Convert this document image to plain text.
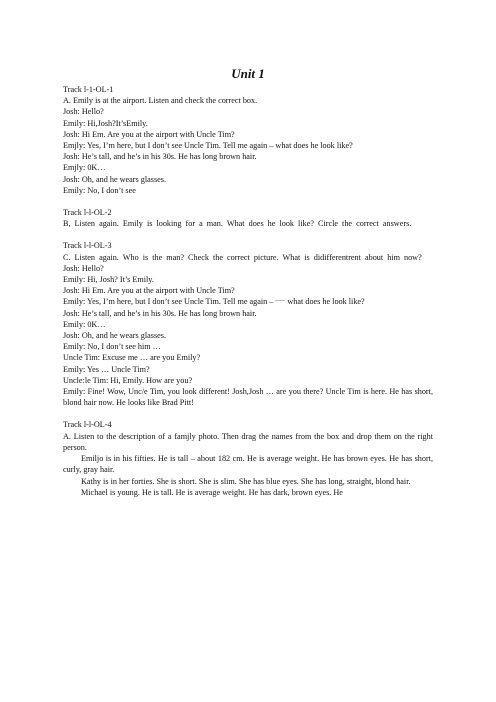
Unit 1

Track l-1-OL-1

A. Emily is at the airport. Listen and check the correct box.

Josh: Hello?

Emily: Hi,Josh?It’sEmily.

Josh: Hi Em. Are you at the airport with Uncle Tim?

Emjly: Yes, I’m here, but I don’t see Uncle Tim. Tell me again – what does he look like?

Josh: He’s tall, and he’s in his 30s. He has long brown hair.

Emjly: 0K…

Josh: Oh, and he wears glasses.

Emily: No, I don’t see

Track l-l-OL-2

B, Listen again. Emily is looking for a man. What does he look like? Circle the correct answers.

Track l-l-OL-3

C. Listen again. Who is the man? Check the correct picture. What is didifferentrent about him now?

Josh: Hello?

Emily: Hi, Josh? It’s Emily.

Josh: Hi Em. Are you at the airport with Uncle Tim?

Emily: Yes, I’m here, but I don’t see Uncle Tim. Tell me again – what does he look like?

Josh: He’s tall, and he’s in his 30s. He has long brown hair.

Emily: 0K…

Josh: Oh, and he wears glasses.

Emily: No, I don’t see him …

Uncle Tim: Excuse me … are you Emily?

Emily: Yes … Uncle Tim?

Uncle:le Tim: Hi, Emily. How are you?

Emily: Fine! Wow, Unc/e Tim, you look different! Josh,Josh … are you there? Uncle Tim is here. He has short, blond hair now. He looks like Brad Pitt!

Track l-l-OL-4

A. Listen to the description of a famjly photo. Then drag the names from the box and drop them on the right person.

Emiljo is in his fifties. He is tall – about 182 cm. He is average weight. He has brown eyes. He has short, curly, gray hair.

Kathy is in her forties. She is short. She is slim. She has blue eyes. She has long, straight, blond hair.

Michael is young. He is tall. He is average weight. He has dark, brown eyes. He
